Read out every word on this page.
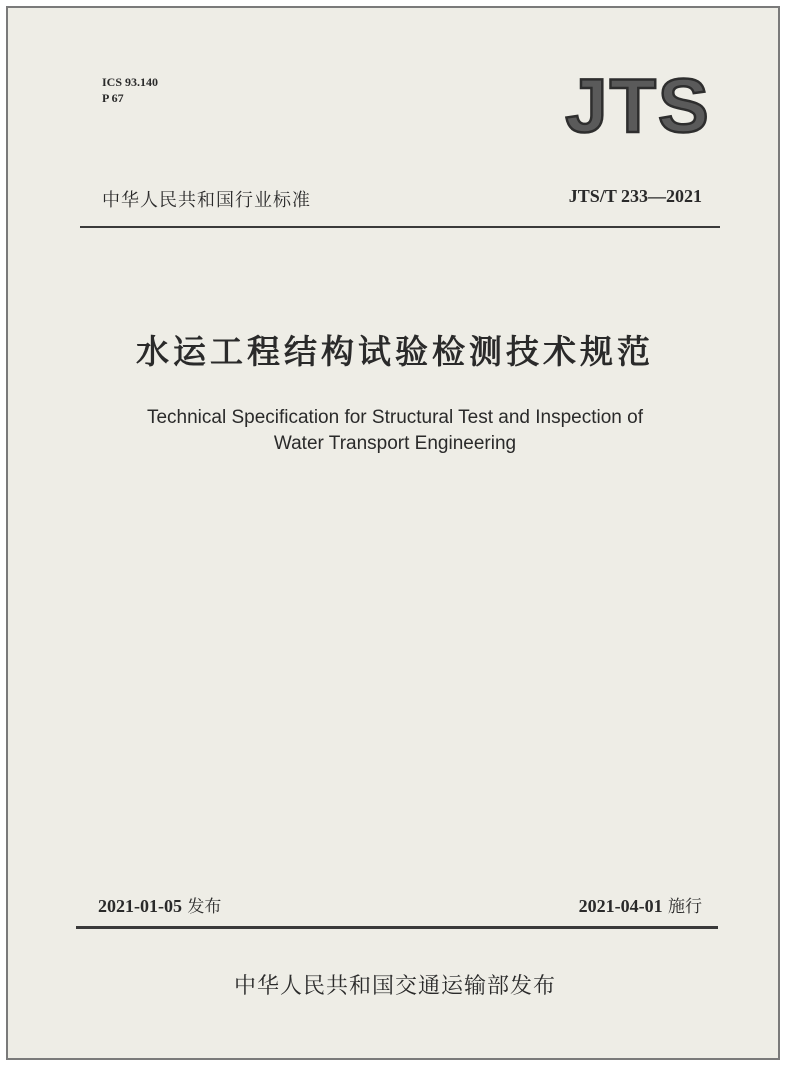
ICS 93.140
P 67	JTS
中华人民共和国行业标准	JTS/T 233—2021
水运工程结构试验检测技术规范
Technical Specification for Structural Test and Inspection of
Water Transport Engineering
2021-01-05 发布	2021-04-01 施行
中华人民共和国交通运输部发布
